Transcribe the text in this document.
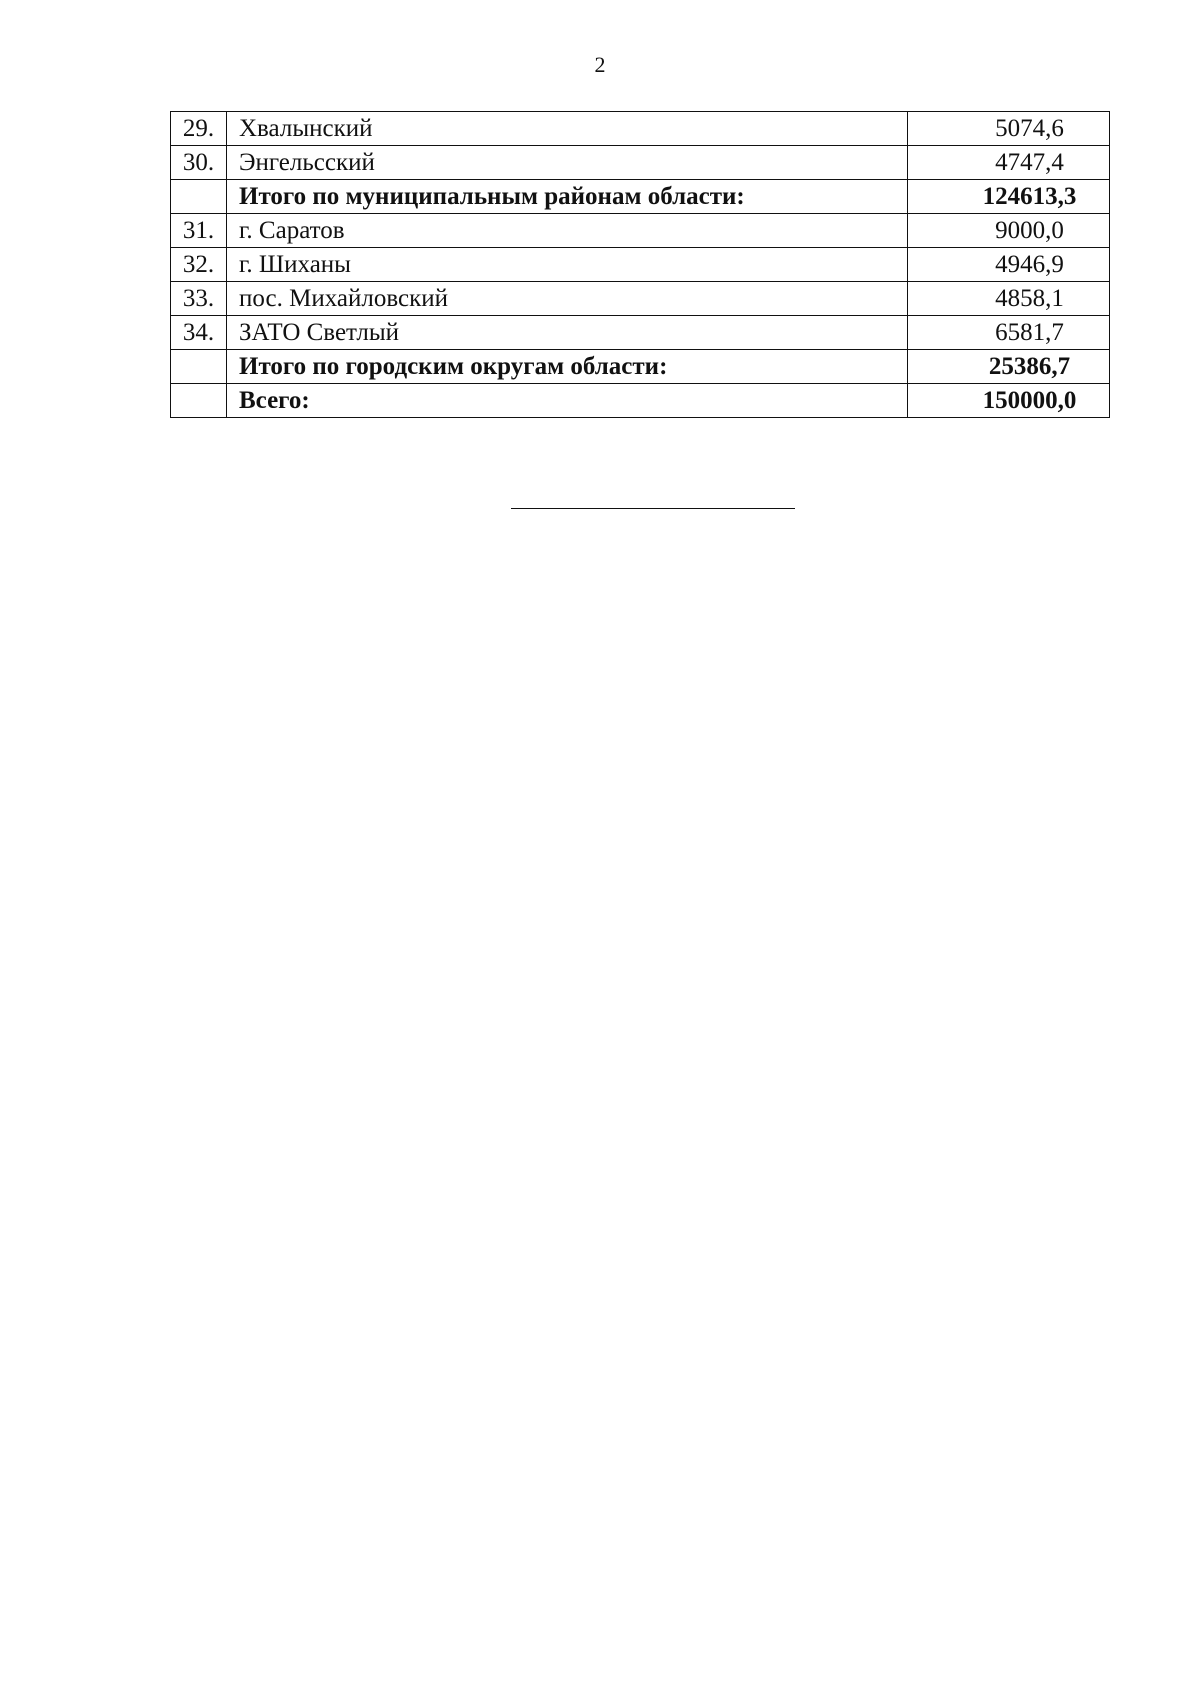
2
29.	Хвалынский	5074,6
30.	Энгельсский	4747,4
	Итого по муниципальным районам области:	124613,3
31.	г. Саратов	9000,0
32.	г. Шиханы	4946,9
33.	пос. Михайловский	4858,1
34.	ЗАТО Светлый	6581,7
	Итого по городским округам области:	25386,7
	Всего:	150000,0
